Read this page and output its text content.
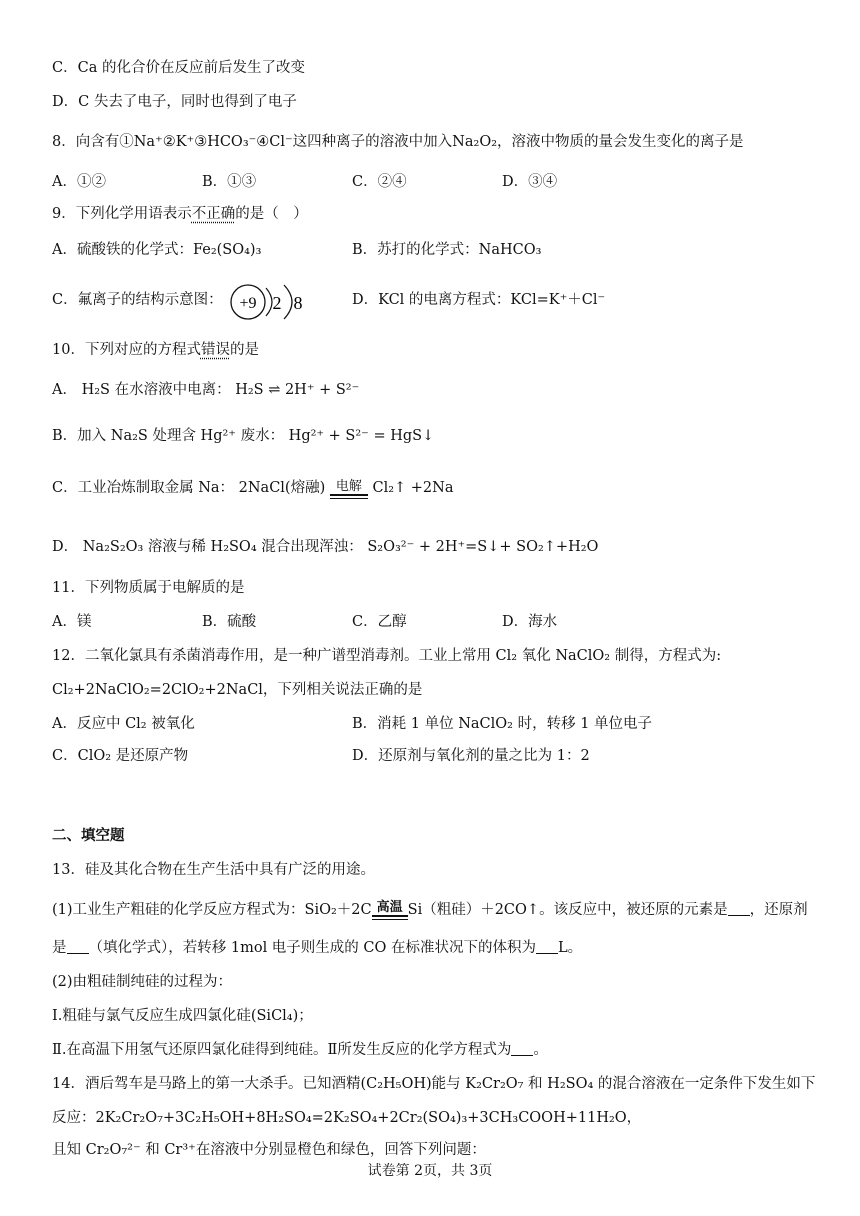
C．Ca 的化合价在反应前后发生了改变
D．C 失去了电子，同时也得到了电子
8．向含有①Na⁺②K⁺③HCO₃⁻④Cl⁻这四种离子的溶液中加入Na₂O₂，溶液中物质的量会发生变化的离子是
A．①②	B．①③	C．②④	D．③④
9．下列化学用语表示不正确的是（　）
A．硫酸铁的化学式：Fe₂(SO₄)₃	B．苏打的化学式：NaHCO₃
C．氟离子的结构示意图： +9 2 8	D．KCl 的电离方程式：KCl=K⁺＋Cl⁻
10．下列对应的方程式错误的是
A． H₂S 在水溶液中电离： H₂S ⇌ 2H⁺ + S²⁻
B．加入 Na₂S 处理含 Hg²⁺ 废水： Hg²⁺ + S²⁻ = HgS↓
C．工业冶炼制取金属 Na： 2NaCl(熔融) 电解 Cl₂↑ +2Na
D． Na₂S₂O₃ 溶液与稀 H₂SO₄ 混合出现浑浊： S₂O₃²⁻ + 2H⁺=S↓+ SO₂↑+H₂O
11．下列物质属于电解质的是
A．镁	B．硫酸	C．乙醇	D．海水
12．二氧化氯具有杀菌消毒作用，是一种广谱型消毒剂。工业上常用 Cl₂ 氧化 NaClO₂ 制得，方程式为:
Cl₂+2NaClO₂=2ClO₂+2NaCl，下列相关说法正确的是
A．反应中 Cl₂ 被氧化	B．消耗 1 单位 NaClO₂ 时，转移 1 单位电子
C．ClO₂ 是还原产物	D．还原剂与氧化剂的量之比为 1：2
二、填空题
13．硅及其化合物在生产生活中具有广泛的用途。
(1)工业生产粗硅的化学反应方程式为：SiO₂＋2C 高温 Si（粗硅）＋2CO↑。该反应中，被还原的元素是 ，还原剂
是 （填化学式），若转移 1mol 电子则生成的 CO 在标准状况下的体积为 L。
(2)由粗硅制纯硅的过程为：
Ⅰ.粗硅与氯气反应生成四氯化硅(SiCl₄)；
Ⅱ.在高温下用氢气还原四氯化硅得到纯硅。Ⅱ所发生反应的化学方程式为 。
14．酒后驾车是马路上的第一大杀手。已知酒精(C₂H₅OH)能与 K₂Cr₂O₇ 和 H₂SO₄ 的混合溶液在一定条件下发生如下
反应：2K₂Cr₂O₇+3C₂H₅OH+8H₂SO₄=2K₂SO₄+2Cr₂(SO₄)₃+3CH₃COOH+11H₂O，
且知 Cr₂O₇²⁻ 和 Cr³⁺在溶液中分别显橙色和绿色，回答下列问题：
试卷第 2页，共 3页
